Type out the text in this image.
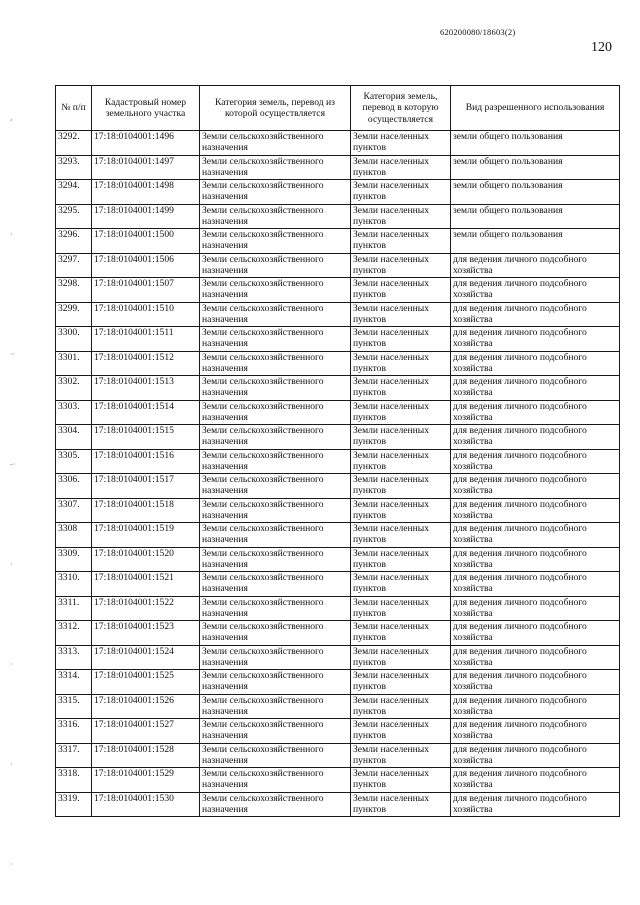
620200080/18603(2)
120
‘
·
··
-·
·
·
·
·
№ п/п	Кадастровый номер земельного участка	Категория земель, перевод из которой осуществляется	Категория земель, перевод в которую осуществляется	Вид разрешенного использования
3292.	17:18:0104001:1496	Земли сельскохозяйственного назначения	Земли населенных пунктов	земли общего пользования
3293.	17:18:0104001:1497	Земли сельскохозяйственного назначения	Земли населенных пунктов	земли общего пользования
3294.	17:18:0104001:1498	Земли сельскохозяйственного назначения	Земли населенных пунктов	земли общего пользования
3295.	17:18:0104001:1499	Земли сельскохозяйственного назначения	Земли населенных пунктов	земли общего пользования
3296.	17:18:0104001:1500	Земли сельскохозяйственного назначения	Земли населенных пунктов	земли общего пользования
3297.	17:18:0104001:1506	Земли сельскохозяйственного назначения	Земли населенных пунктов	для ведения личного подсобного хозяйства
3298.	17:18:0104001:1507	Земли сельскохозяйственного назначения	Земли населенных пунктов	для ведения личного подсобного хозяйства
3299.	17:18:0104001:1510	Земли сельскохозяйственного назначения	Земли населенных пунктов	для ведения личного подсобного хозяйства
3300.	17:18:0104001:1511	Земли сельскохозяйственного назначения	Земли населенных пунктов	для ведения личного подсобного хозяйства
3301.	17:18:0104001:1512	Земли сельскохозяйственного назначения	Земли населенных пунктов	для ведения личного подсобного хозяйства
3302.	17:18:0104001:1513	Земли сельскохозяйственного назначения	Земли населенных пунктов	для ведения личного подсобного хозяйства
3303.	17:18:0104001:1514	Земли сельскохозяйственного назначения	Земли населенных пунктов	для ведения личного подсобного хозяйства
3304.	17:18:0104001:1515	Земли сельскохозяйственного назначения	Земли населенных пунктов	для ведения личного подсобного хозяйства
3305.	17:18:0104001:1516	Земли сельскохозяйственного назначения	Земли населенных пунктов	для ведения личного подсобного хозяйства
3306.	17:18:0104001:1517	Земли сельскохозяйственного назначения	Земли населенных пунктов	для ведения личного подсобного хозяйства
3307.	17:18:0104001:1518	Земли сельскохозяйственного назначения	Земли населенных пунктов	для ведения личного подсобного хозяйства
3308	17:18:0104001:1519	Земли сельскохозяйственного назначения	Земли населенных пунктов	для ведения личного подсобного хозяйства
3309.	17:18:0104001:1520	Земли сельскохозяйственного назначения	Земли населенных пунктов	для ведения личного подсобного хозяйства
3310.	17:18:0104001:1521	Земли сельскохозяйственного назначения	Земли населенных пунктов	для ведения личного подсобного хозяйства
3311.	17:18:0104001:1522	Земли сельскохозяйственного назначения	Земли населенных пунктов	для ведения личного подсобного хозяйства
3312.	17:18:0104001:1523	Земли сельскохозяйственного назначения	Земли населенных пунктов	для ведения личного подсобного хозяйства
3313.	17:18:0104001:1524	Земли сельскохозяйственного назначения	Земли населенных пунктов	для ведения личного подсобного хозяйства
3314.	17:18:0104001:1525	Земли сельскохозяйственного назначения	Земли населенных пунктов	для ведения личного подсобного хозяйства
3315.	17:18:0104001:1526	Земли сельскохозяйственного назначения	Земли населенных пунктов	для ведения личного подсобного хозяйства
3316.	17:18:0104001:1527	Земли сельскохозяйственного назначения	Земли населенных пунктов	для ведения личного подсобного хозяйства
3317.	17:18:0104001:1528	Земли сельскохозяйственного назначения	Земли населенных пунктов	для ведения личного подсобного хозяйства
3318.	17:18:0104001:1529	Земли сельскохозяйственного назначения	Земли населенных пунктов	для ведения личного подсобного хозяйства
3319.	17:18:0104001:1530	Земли сельскохозяйственного назначения	Земли населенных пунктов	для ведения личного подсобного хозяйства
